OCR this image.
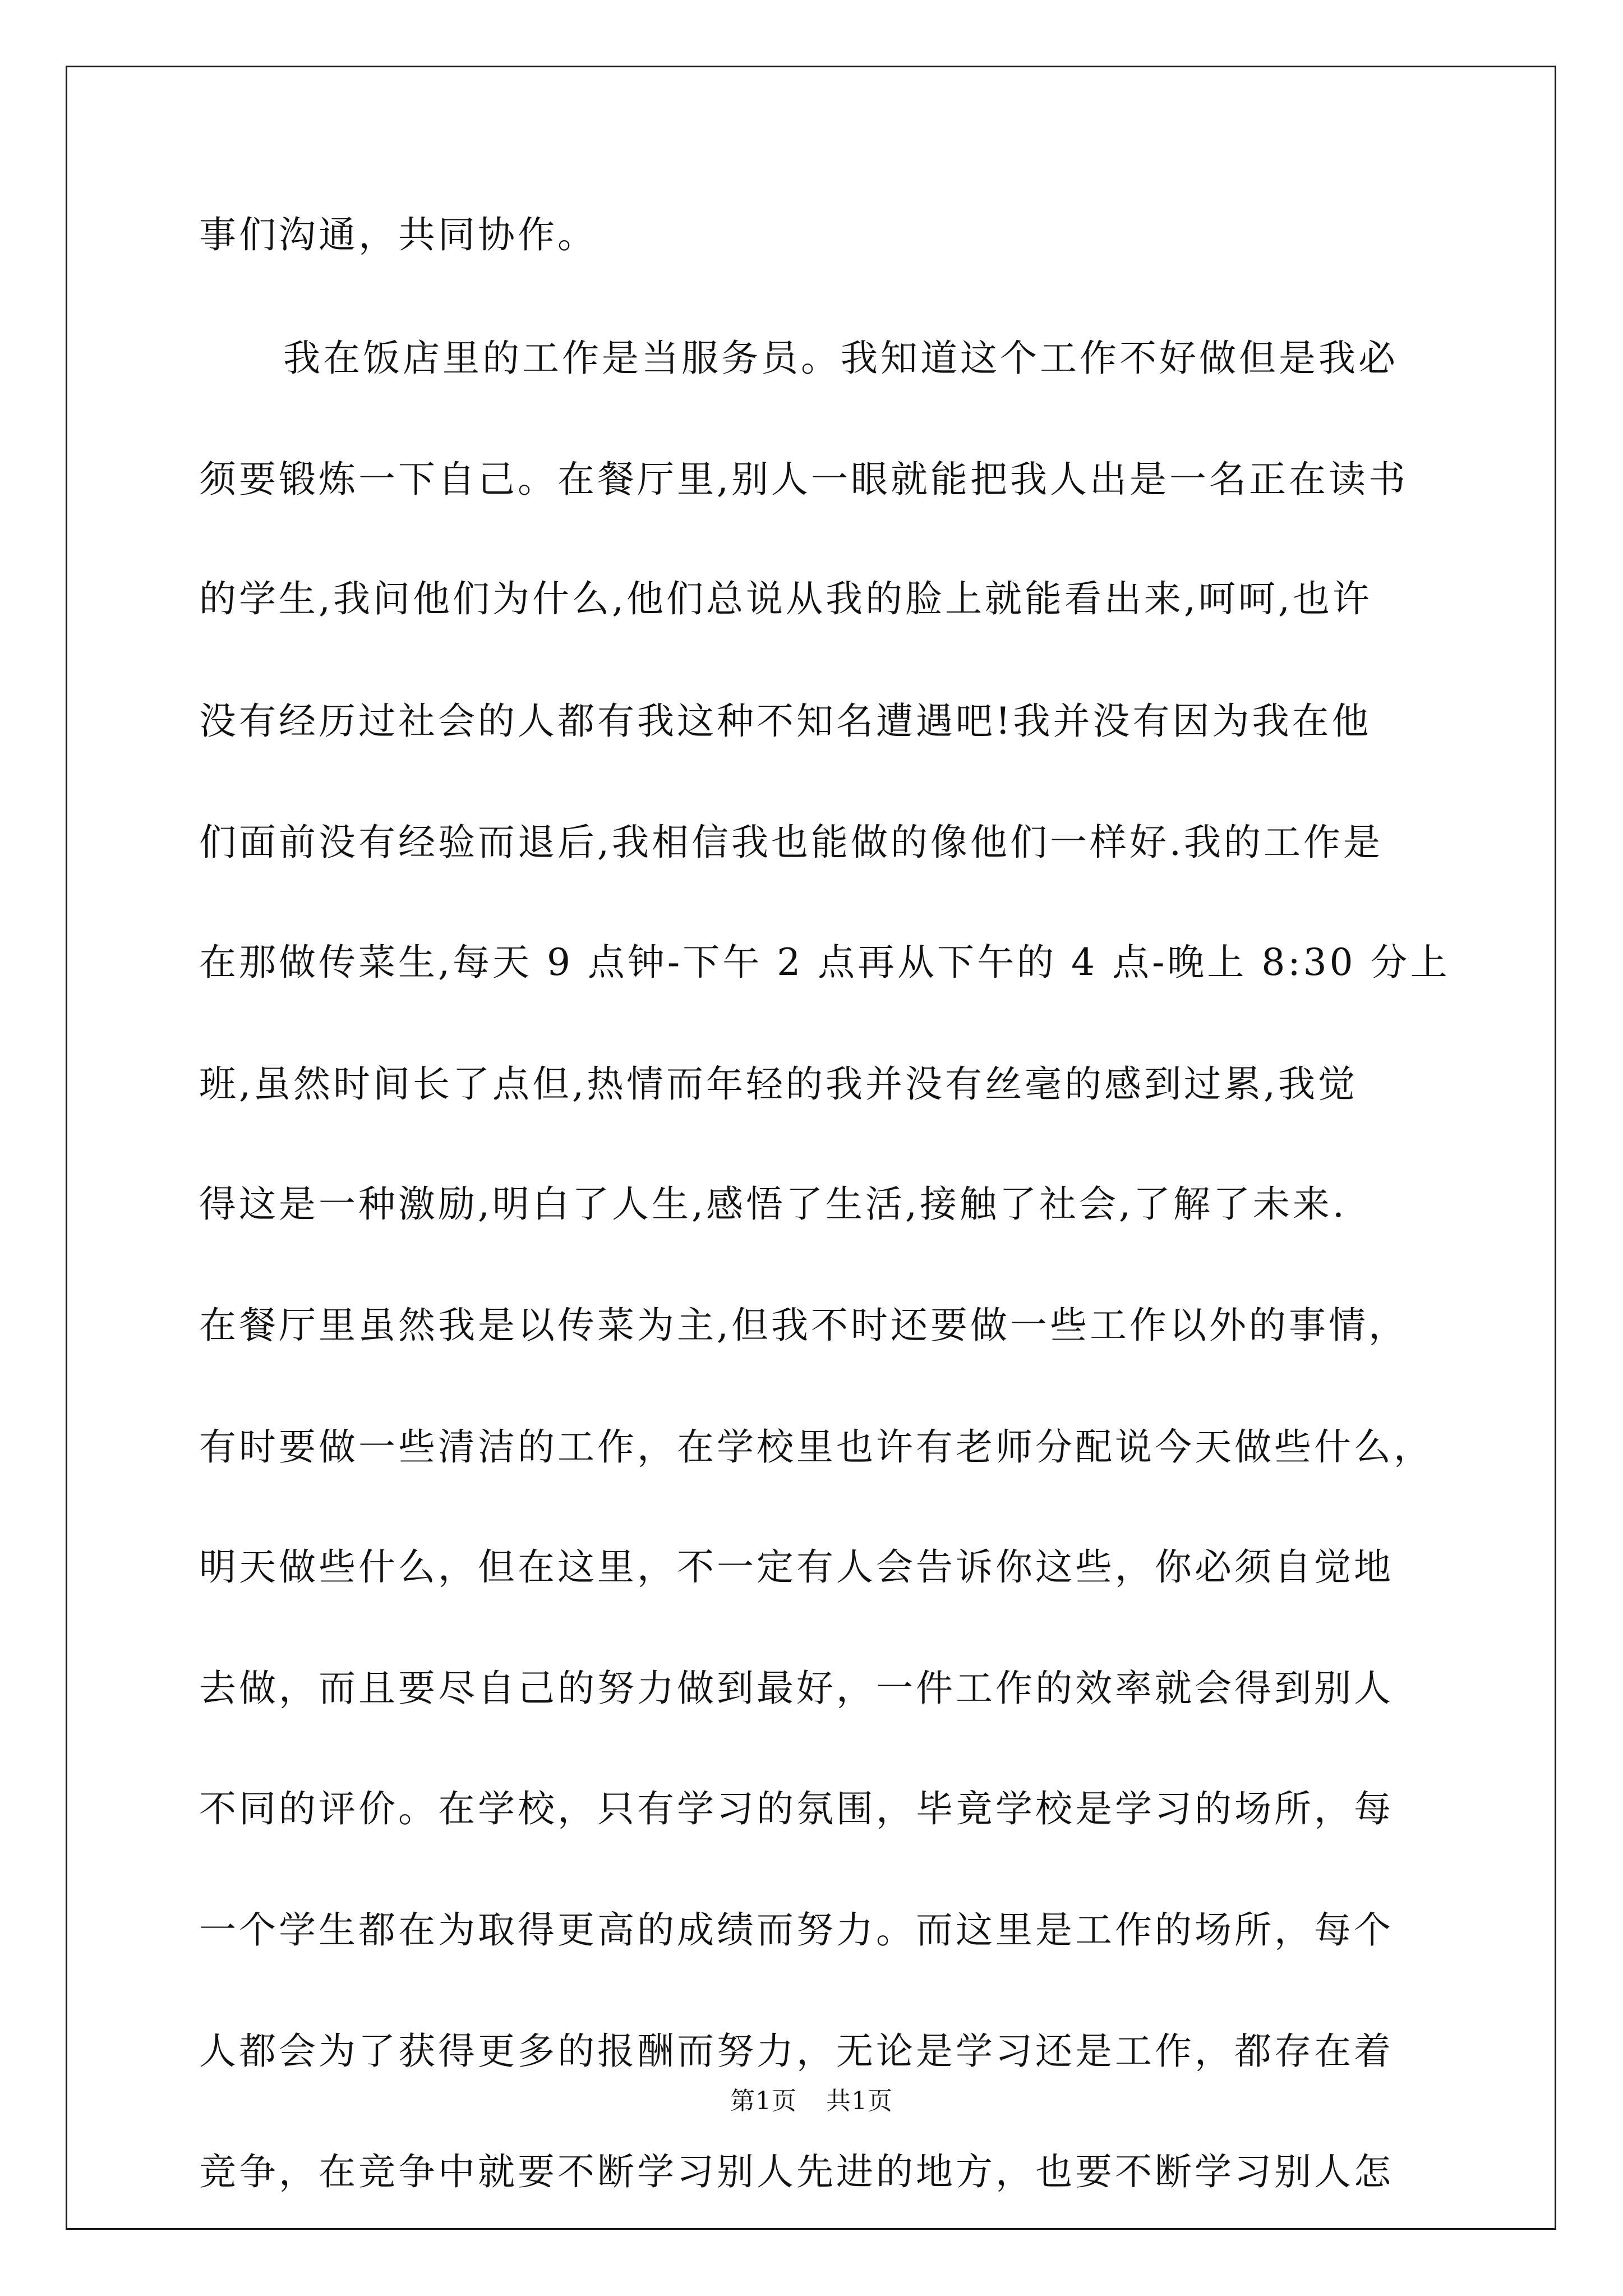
事们沟通，共同协作。
我在饭店里的工作是当服务员。我知道这个工作不好做但是我必
须要锻炼一下自己。在餐厅里,别人一眼就能把我人出是一名正在读书
的学生,我问他们为什么,他们总说从我的脸上就能看出来,呵呵,也许
没有经历过社会的人都有我这种不知名遭遇吧!我并没有因为我在他
们面前没有经验而退后,我相信我也能做的像他们一样好.我的工作是
在那做传菜生,每天 9 点钟-下午 2 点再从下午的 4 点-晚上 8:30 分上
班,虽然时间长了点但,热情而年轻的我并没有丝毫的感到过累,我觉
得这是一种激励,明白了人生,感悟了生活,接触了社会,了解了未来.
在餐厅里虽然我是以传菜为主,但我不时还要做一些工作以外的事情，
有时要做一些清洁的工作，在学校里也许有老师分配说今天做些什么，
明天做些什么，但在这里，不一定有人会告诉你这些，你必须自觉地
去做，而且要尽自己的努力做到最好，一件工作的效率就会得到别人
不同的评价。在学校，只有学习的氛围，毕竟学校是学习的场所，每
一个学生都在为取得更高的成绩而努力。而这里是工作的场所，每个
人都会为了获得更多的报酬而努力，无论是学习还是工作，都存在着
竞争，在竞争中就要不断学习别人先进的地方，也要不断学习别人怎
第1页 共1页
